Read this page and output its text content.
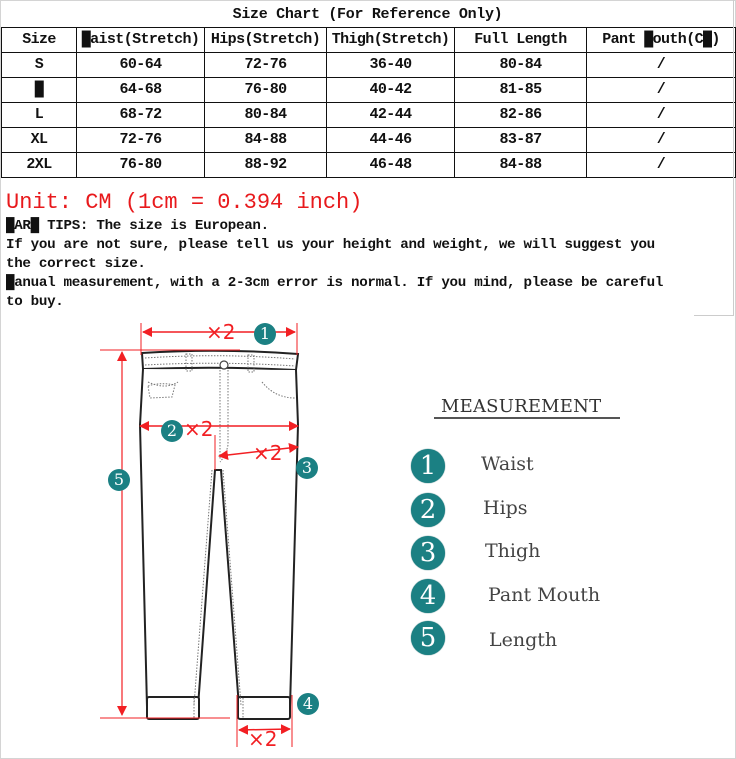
Size Chart (For Reference Only)
Size	█aist(Stretch)	Hips(Stretch)	Thigh(Stretch)	Full Length	Pant █outh(C█)
S	60-64	72-76	36-40	80-84	/
█	64-68	76-80	40-42	81-85	/
L	68-72	80-84	42-44	82-86	/
XL	72-76	84-88	44-46	83-87	/
2XL	76-80	88-92	46-48	84-88	/
Unit: CM (1cm = 0.394 inch)
█AR█ TIPS: The size is European.
If you are not sure, please tell us your height and weight, we will suggest you
the correct size.
█anual measurement, with a 2-3cm error is normal. If you mind, please be careful
to buy.
1
×2
2 ×2
3
×2
4
×2
5
MEASUREMENT
1	Waist
2	Hips
3	Thigh
4	Pant Mouth
5	Length
